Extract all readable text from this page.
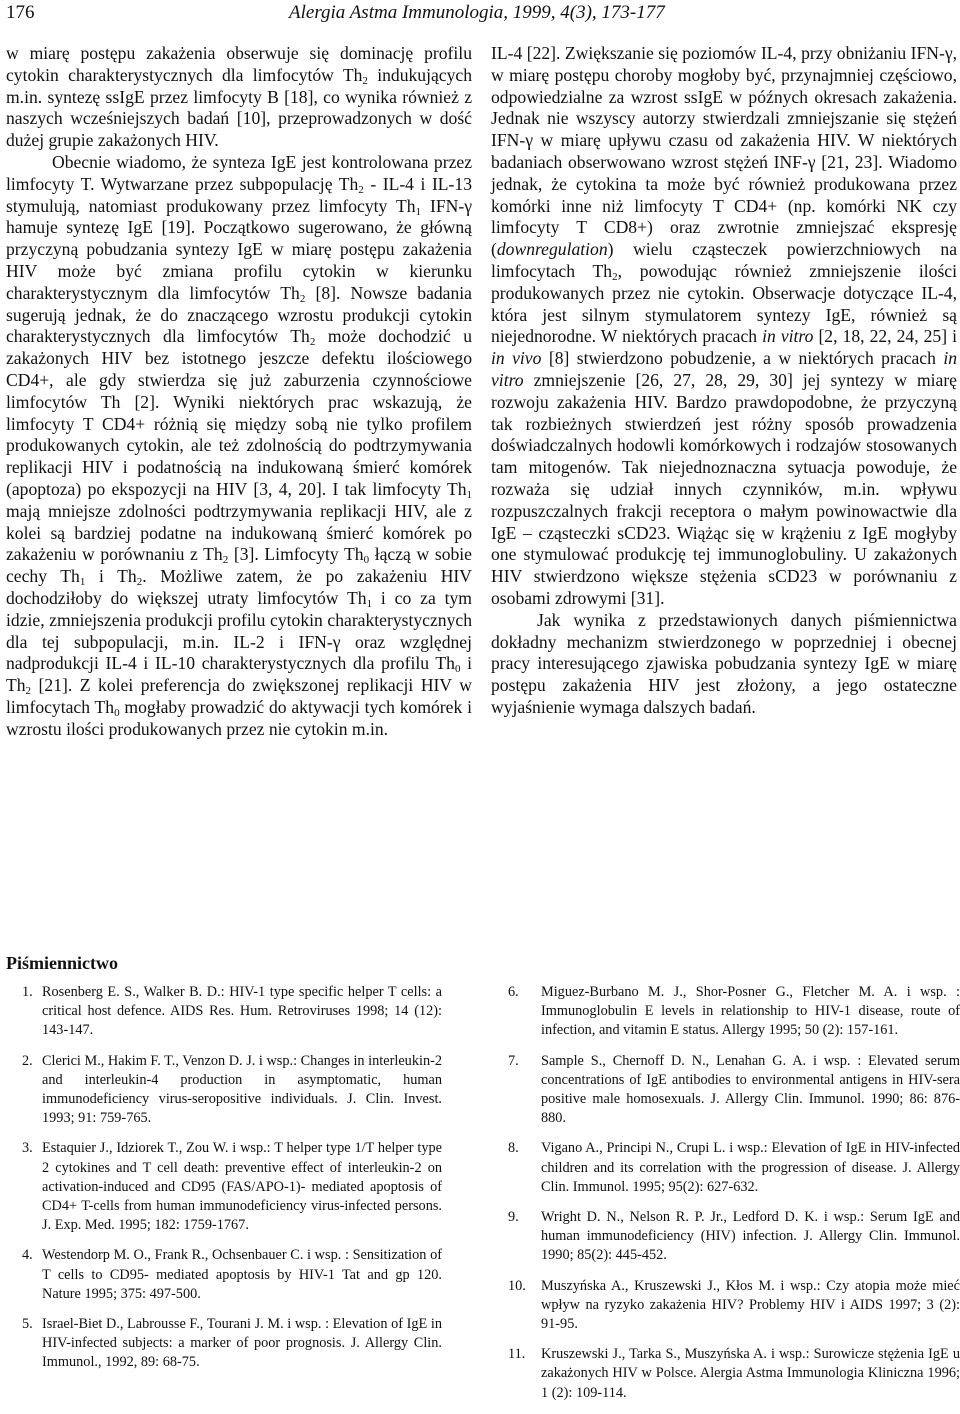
176	Alergia Astma Immunologia, 1999, 4(3), 173-177

w miarę postępu zakażenia obserwuje się dominację profilu cytokin charakterystycznych dla limfocytów $Th_2$ indukujących m.in. syntezę ssIgE przez limfocyty B [18], co wynika również z naszych wcześniejszych badań [10], przeprowadzonych w dość dużej grupie zakażonych HIV.

Obecnie wiadomo, że synteza IgE jest kontrolowana przez limfocyty T. Wytwarzane przez subpopulację $Th_2 - IL-4$ i IL-13 stymulują, natomiast produkowany przez limfocyty $Th_1$ IFN-γ hamuje syntezę IgE [19]. Początkowo sugerowano, że główną przyczyną pobudzania syntezy IgE w miarę postępu zakażenia HIV może być zmiana profilu cytokin w kierunku charakterystycznym dla limfocytów $Th_2$ [8]. Nowsze badania sugerują jednak, że do znaczącego wzrostu produkcji cytokin charakterystycznych dla limfocytów $Th_2$ może dochodzić u zakażonych HIV bez istotnego jeszcze defektu ilościowego CD4+, ale gdy stwierdza się już zaburzenia czynnościowe limfocytów Th [2]. Wyniki niektórych prac wskazują, że limfocyty T CD4+ różnią się między sobą nie tylko profilem produkowanych cytokin, ale też zdolnością do podtrzymywania replikacji HIV i podatnością na indukowaną śmierć komórek (apoptoza) po ekspozycji na HIV [3, 4, 20]. I tak limfocyty $Th_1$ mają mniejsze zdolności podtrzymywania replikacji HIV, ale z kolei są bardziej podatne na indukowaną śmierć komórek po zakażeniu w porównaniu z $Th_2$ [3]. Limfocyty $Th_0$ łączą w sobie cechy $Th_1$ i $Th_2$. Możliwe zatem, że po zakażeniu HIV dochodziłoby do większej utraty limfocytów $Th_1$ i co za tym idzie, zmniejszenia produkcji profilu cytokin charakterystycznych dla tej subpopulacji, m.in. IL-2 i IFN-γ oraz względnej nadprodukcji IL-4 i IL-10 charakterystycznych dla profilu $Th_0$ i $Th_2$ [21]. Z kolei preferencja do zwiększonej replikacji HIV w limfocytach $Th_0$ mogłaby prowadzić do aktywacji tych komórek i wzrostu ilości produkowanych przez nie cytokin m.in.

IL-4 [22]. Zwiększanie się poziomów IL-4, przy obniżaniu IFN-γ, w miarę postępu choroby mogłoby być, przynajmniej częściowo, odpowiedzialne za wzrost ssIgE w późnych okresach zakażenia. Jednak nie wszyscy autorzy stwierdzali zmniejszanie się stężeń IFN-γ w miarę upływu czasu od zakażenia HIV. W niektórych badaniach obserwowano wzrost stężeń INF-γ [21, 23]. Wiadomo jednak, że cytokina ta może być również produkowana przez komórki inne niż limfocyty T CD4+ (np. komórki NK czy limfocyty T CD8+) oraz zwrotnie zmniejszać ekspresję (downregulation) wielu cząsteczek powierzchniowych na limfocytach $Th_2$, powodując również zmniejszenie ilości produkowanych przez nie cytokin. Obserwacje dotyczące IL-4, która jest silnym stymulatorem syntezy IgE, również są niejednorodne. W niektórych pracach in vitro [2, 18, 22, 24, 25] i in vivo [8] stwierdzono pobudzenie, a w niektórych pracach in vitro zmniejszenie [26, 27, 28, 29, 30] jej syntezy w miarę rozwoju zakażenia HIV. Bardzo prawdopodobne, że przyczyną tak rozbieżnych stwierdzeń jest różny sposób prowadzenia doświadczalnych hodowli komórkowych i rodzajów stosowanych tam mitogenów. Tak niejednoznaczna sytuacja powoduje, że rozważa się udział innych czynników, m.in. wpływu rozpuszczalnych frakcji receptora o małym powinowactwie dla IgE – cząsteczki sCD23. Wiążąc się w krążeniu z IgE mogłyby one stymulować produkcję tej immunoglobuliny. U zakażonych HIV stwierdzono większe stężenia sCD23 w porównaniu z osobami zdrowymi [31].

Jak wynika z przedstawionych danych piśmiennictwa dokładny mechanizm stwierdzonego w poprzedniej i obecnej pracy interesującego zjawiska pobudzania syntezy IgE w miarę postępu zakażenia HIV jest złożony, a jego ostateczne wyjaśnienie wymaga dalszych badań.

Piśmiennictwo
1. Rosenberg E. S., Walker B. D.: HIV-1 type specific helper T cells: a critical host defence. AIDS Res. Hum. Retroviruses 1998; 14 (12): 143-147.
2. Clerici M., Hakim F. T., Venzon D. J. i wsp.: Changes in interleukin-2 and interleukin-4 production in asymptomatic, human immunodeficiency virus-seropositive individuals. J. Clin. Invest. 1993; 91: 759-765.
3. Estaquier J., Idziorek T., Zou W. i wsp.: T helper type 1/T helper type 2 cytokines and T cell death: preventive effect of interleukin-2 on activation-induced and CD95 (FAS/APO-1)- mediated apoptosis of CD4+ T-cells from human immunodeficiency virus-infected persons. J. Exp. Med. 1995; 182: 1759-1767.
4. Westendorp M. O., Frank R., Ochsenbauer C. i wsp. : Sensitization of T cells to CD95- mediated apoptosis by HIV-1 Tat and gp 120. Nature 1995; 375: 497-500.
5. Israel-Biet D., Labrousse F., Tourani J. M. i wsp. : Elevation of IgE in HIV-infected subjects: a marker of poor prognosis. J. Allergy Clin. Immunol., 1992, 89: 68-75.
6. Miguez-Burbano M. J., Shor-Posner G., Fletcher M. A. i wsp. : Immunoglobulin E levels in relationship to HIV-1 disease, route of infection, and vitamin E status. Allergy 1995; 50 (2): 157-161.
7. Sample S., Chernoff D. N., Lenahan G. A. i wsp. : Elevated serum concentrations of IgE antibodies to environmental antigens in HIV-sera positive male homosexuals. J. Allergy Clin. Immunol. 1990; 86: 876-880.
8. Vigano A., Principi N., Crupi L. i wsp.: Elevation of IgE in HIV-infected children and its correlation with the progression of disease. J. Allergy Clin. Immunol. 1995; 95(2): 627-632.
9. Wright D. N., Nelson R. P. Jr., Ledford D. K. i wsp.: Serum IgE and human immunodeficiency (HIV) infection. J. Allergy Clin. Immunol. 1990; 85(2): 445-452.
10. Muszyńska A., Kruszewski J., Kłos M. i wsp.: Czy atopia może mieć wpływ na ryzyko zakażenia HIV? Problemy HIV i AIDS 1997; 3 (2): 91-95.
11. Kruszewski J., Tarka S., Muszyńska A. i wsp.: Surowicze stężenia IgE u zakażonych HIV w Polsce. Alergia Astma Immunologia Kliniczna 1996; 1 (2): 109-114.
